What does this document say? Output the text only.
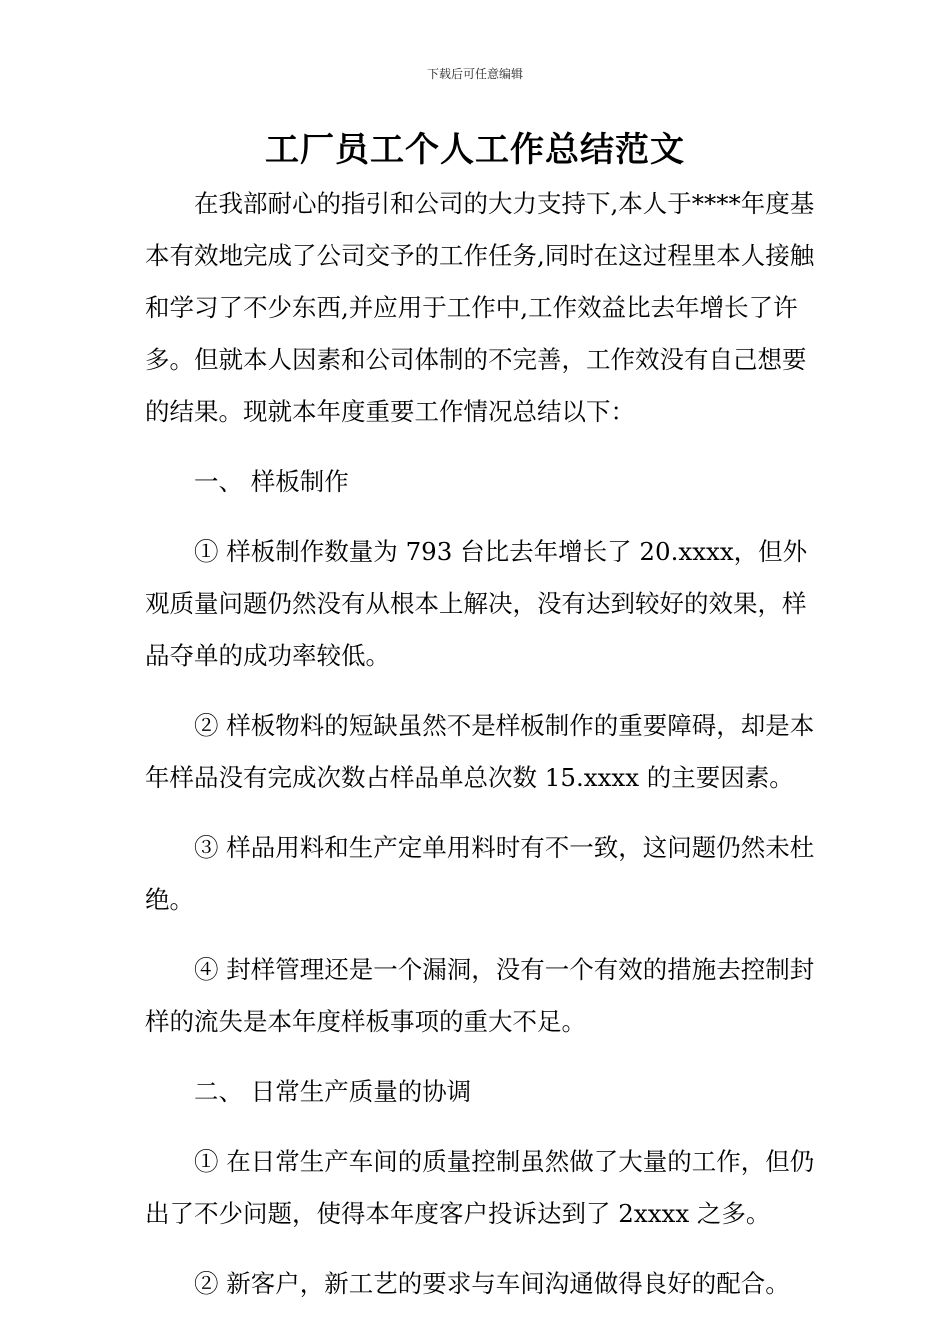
下载后可任意编辑
工厂员工个人工作总结范文

在我部耐心的指引和公司的大力支持下,本人于****年度基本有效地完成了公司交予的工作任务,同时在这过程里本人接触和学习了不少东西,并应用于工作中,工作效益比去年增长了许多。但就本人因素和公司体制的不完善，工作效没有自己想要的结果。现就本年度重要工作情况总结以下：

一、 样板制作

① 样板制作数量为 793 台比去年增长了 20.xxxx，但外观质量问题仍然没有从根本上解决，没有达到较好的效果，样品夺单的成功率较低。

② 样板物料的短缺虽然不是样板制作的重要障碍，却是本年样品没有完成次数占样品单总次数 15.xxxx 的主要因素。

③ 样品用料和生产定单用料时有不一致，这问题仍然未杜绝。

④ 封样管理还是一个漏洞，没有一个有效的措施去控制封样的流失是本年度样板事项的重大不足。

二、 日常生产质量的协调

① 在日常生产车间的质量控制虽然做了大量的工作，但仍出了不少问题，使得本年度客户投诉达到了 2xxxx 之多。

② 新客户，新工艺的要求与车间沟通做得良好的配合。
